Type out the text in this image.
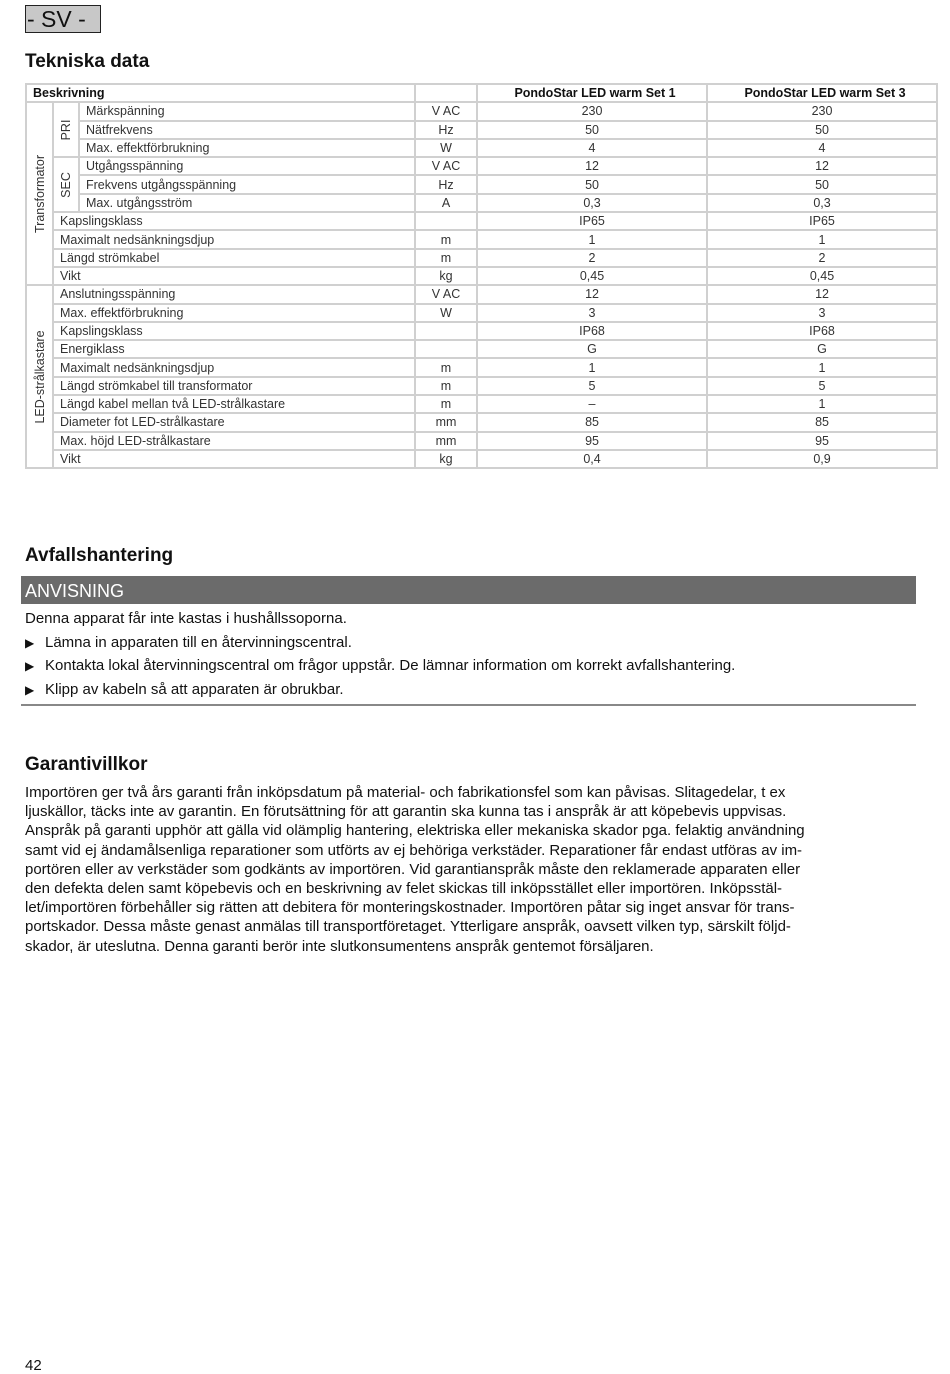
- SV -
Tekniska data
Beskrivning				PondoStar LED warm Set 1	PondoStar LED warm Set 3

Transformator	PRI	Märkspänning	V AC	230	230
		Nätfrekvens	Hz	50	50
		Max. effektförbrukning	W	4	4

	SEC	Utgångsspänning	V AC	12	12
		Frekvens utgångsspänning	Hz	50	50
		Max. utgångsström	A	0,3	0,3
	Kapslingsklass			IP65	IP65
	Maximalt nedsänkningsdjup		m	1	1
	Längd strömkabel		m	2	2
	Vikt		kg	0,45	0,45

LED-strålkastare	Anslutningsspänning		V AC	12	12
	Max. effektförbrukning		W	3	3
	Kapslingsklass			IP68	IP68
	Energiklass			G	G
	Maximalt nedsänkningsdjup		m	1	1
	Längd strömkabel till transformator		m	5	5
	Längd kabel mellan två LED-strålkastare		m	–	1
	Diameter fot LED-strålkastare		mm	85	85
	Max. höjd LED-strålkastare		mm	95	95
	Vikt		kg	0,4	0,9
Avfallshantering
ANVISNING
Denna apparat får inte kastas i hushållssoporna.
▶ Lämna in apparaten till en återvinningscentral.
▶ Kontakta lokal återvinningscentral om frågor uppstår. De lämnar information om korrekt avfallshantering.
▶ Klipp av kabeln så att apparaten är obrukbar.
Garantivillkor

Importören ger två års garanti från inköpsdatum på material- och fabrikationsfel som kan påvisas. Slitagedelar, t ex
ljuskällor, täcks inte av garantin. En förutsättning för att garantin ska kunna tas i anspråk är att köpebevis uppvisas.
Anspråk på garanti upphör att gälla vid olämplig hantering, elektriska eller mekaniska skador pga. felaktig användning
samt vid ej ändamålsenliga reparationer som utförts av ej behöriga verkstäder. Reparationer får endast utföras av im-
portören eller av verkstäder som godkänts av importören. Vid garantianspråk måste den reklamerade apparaten eller
den defekta delen samt köpebevis och en beskrivning av felet skickas till inköpsstället eller importören. Inköpsstäl-
let/importören förbehåller sig rätten att debitera för monteringskostnader. Importören påtar sig inget ansvar för trans-
portskador. Dessa måste genast anmälas till transportföretaget. Ytterligare anspråk, oavsett vilken typ, särskilt följd-
skador, är uteslutna. Denna garanti berör inte slutkonsumentens anspråk gentemot försäljaren.

42
